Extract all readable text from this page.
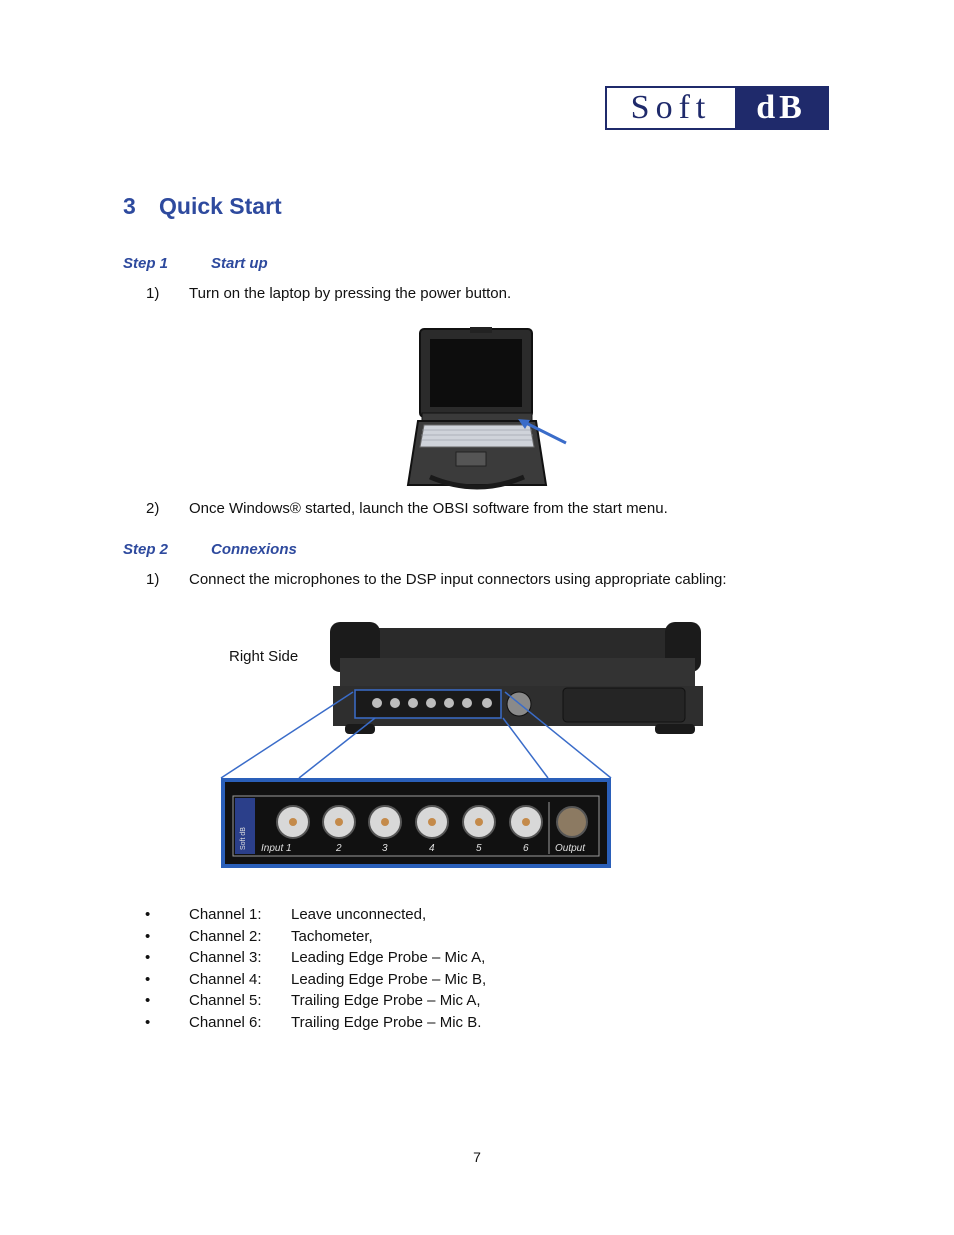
Soft	dB
3 Quick Start
Step 1	Start up
1) Turn on the laptop by pressing the power button.
2) Once Windows® started, launch the OBSI software from the start menu.
Step 2	Connexions
1) Connect the microphones to the DSP input connectors using appropriate cabling:
Right Side
Soft dB Input 1	2	3	4	5	6	Output
•	Channel 1: Leave unconnected,
•	Channel 2: Tachometer,
•	Channel 3: Leading Edge Probe – Mic A,
•	Channel 4: Leading Edge Probe – Mic B,
•	Channel 5: Trailing Edge Probe – Mic A,
•	Channel 6: Trailing Edge Probe – Mic B.
7
